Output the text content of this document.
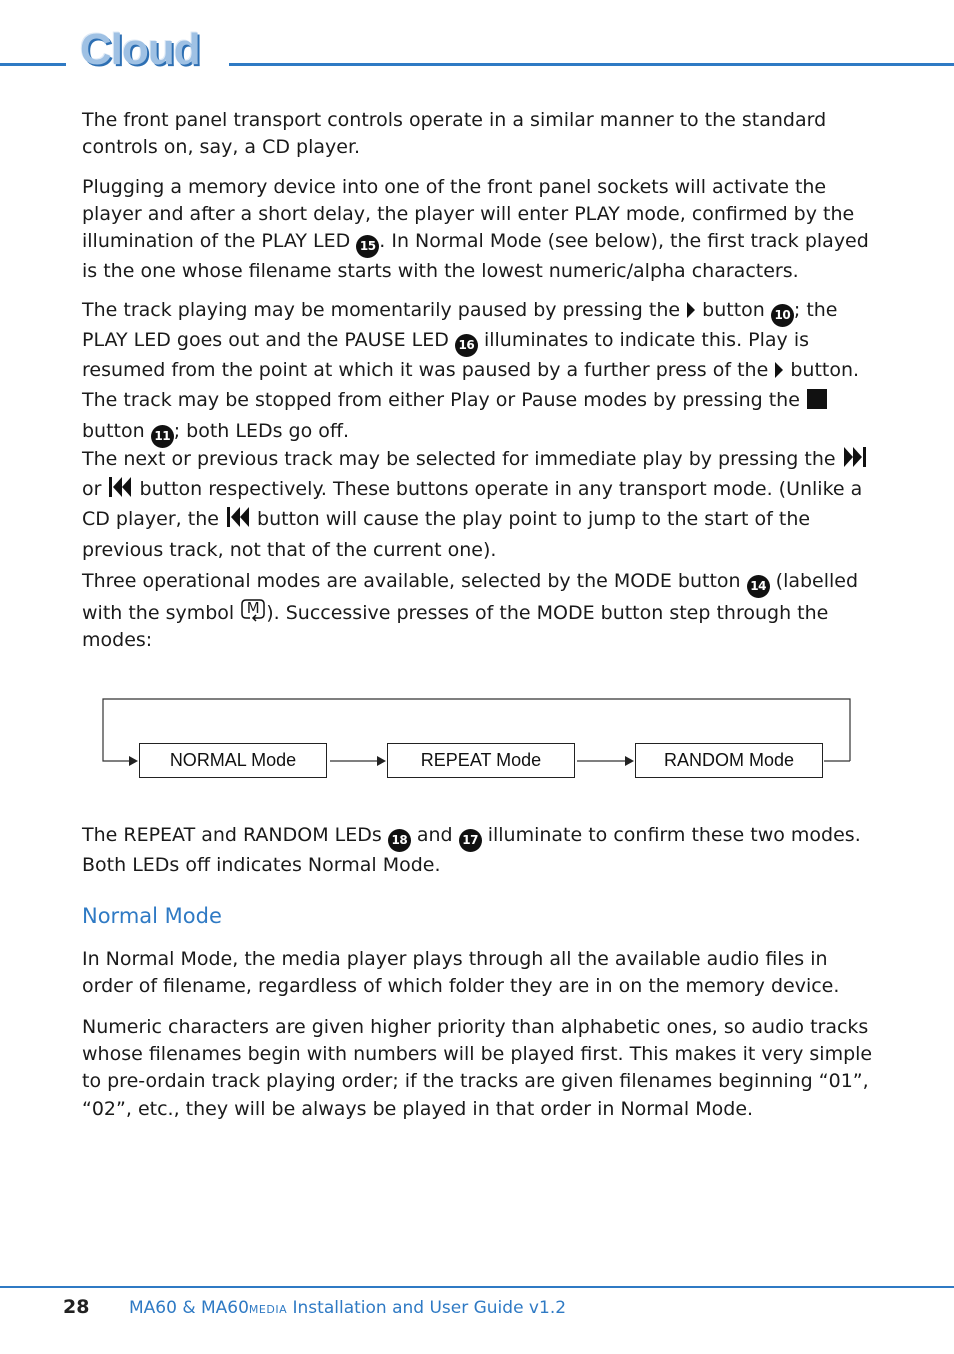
Cloud

The front panel transport controls operate in a similar manner to the standard controls on, say, a CD player.

Plugging a memory device into one of the front panel sockets will activate the player and after a short delay, the player will enter PLAY mode, confirmed by the illumination of the PLAY LED 15 . In Normal Mode (see below), the first track played is the one whose filename starts with the lowest numeric/alpha characters.

The track playing may be momentarily paused by pressing the  button 10 ; the PLAY LED goes out and the PAUSE LED 16 illuminates to indicate this. Play is resumed from the point at which it was paused by a further press of the  button. The track may be stopped from either Play or Pause modes by pressing the  button 11 ; both LEDs go off.

The next or previous track may be selected for immediate play by pressing the  or  button respectively. These buttons operate in any transport mode. (Unlike a CD player, the  button will cause the play point to jump to the start of the previous track, not that of the current one).

Three operational modes are available, selected by the MODE button 14 (labelled with the symbol M ). Successive presses of the MODE button step through the modes:

NORMAL Mode	REPEAT Mode	RANDOM Mode

The REPEAT and RANDOM LEDs 18 and 17 illuminate to confirm these two modes. Both LEDs off indicates Normal Mode.

Normal Mode

In Normal Mode, the media player plays through all the available audio files in order of filename, regardless of which folder they are in on the memory device.

Numeric characters are given higher priority than alphabetic ones, so audio tracks whose filenames begin with numbers will be played first. This makes it very simple to pre-ordain track playing order; if the tracks are given filenames beginning “01”, “02”, etc., they will be always be played in that order in Normal Mode.

28 MA60 & MA60MEDIA Installation and User Guide v1.2
